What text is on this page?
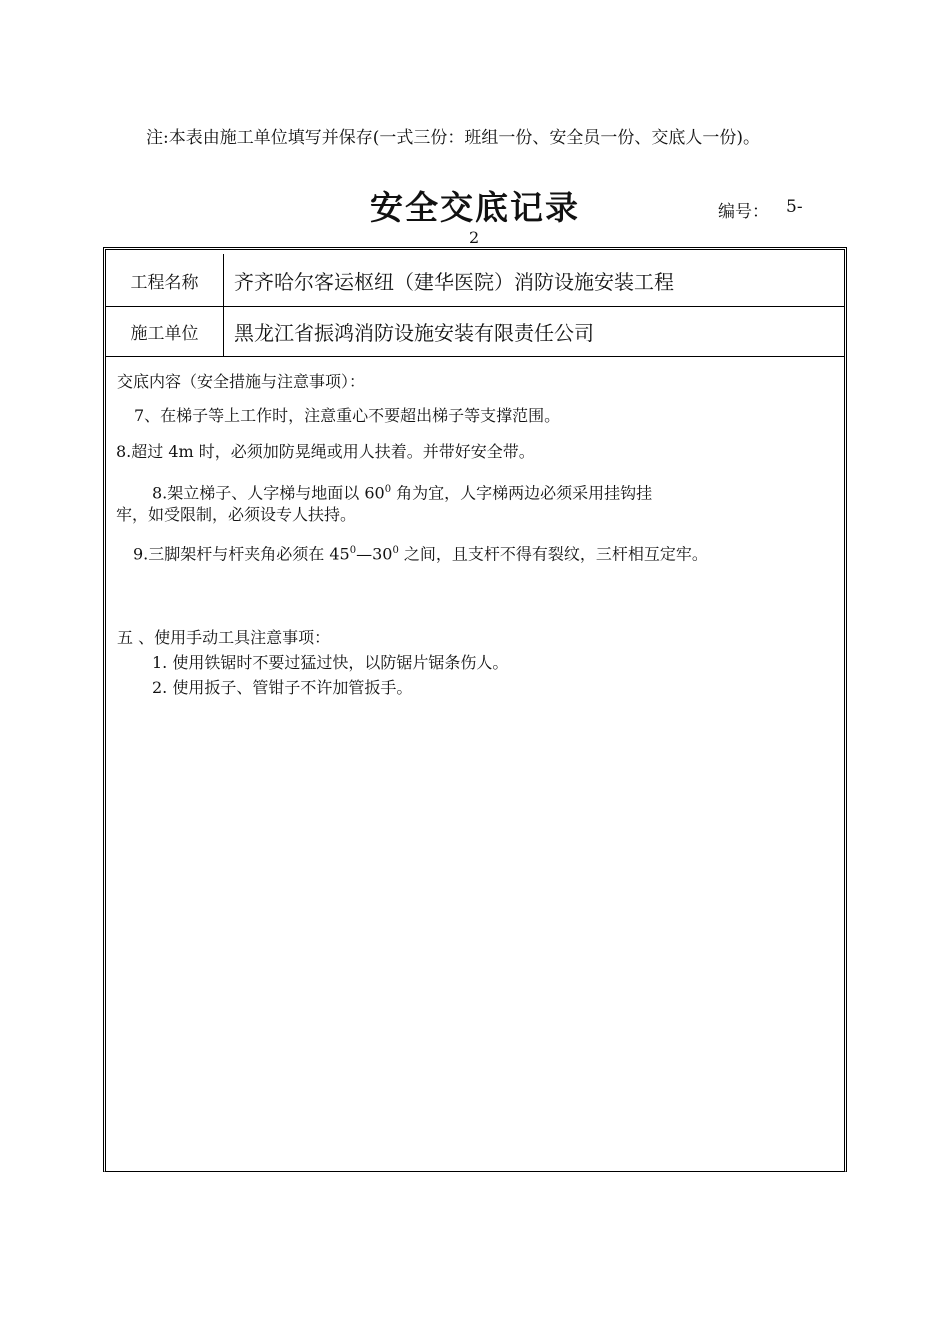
注:本表由施工单位填写并保存(一式三份：班组一份、安全员一份、交底人一份)。
安全交底记录	编号： 5-
2
工程名称	齐齐哈尔客运枢纽（建华医院）消防设施安装工程
施工单位	黑龙江省振鸿消防设施安装有限责任公司
交底内容（安全措施与注意事项）：
7、在梯子等上工作时，注意重心不要超出梯子等支撑范围。
8.超过 4m 时，必须加防晃绳或用人扶着。并带好安全带。
8.架立梯子、人字梯与地面以 $60^0$ 角为宜，人字梯两边必须采用挂钩挂
牢，如受限制，必须设专人扶持。
9.三脚架杆与杆夹角必须在 $45^0—30^0$ 之间，且支杆不得有裂纹，三杆相互定牢。
五 、使用手动工具注意事项：
1. 使用铁锯时不要过猛过快，以防锯片锯条伤人。
2. 使用扳子、管钳子不许加管扳手。
